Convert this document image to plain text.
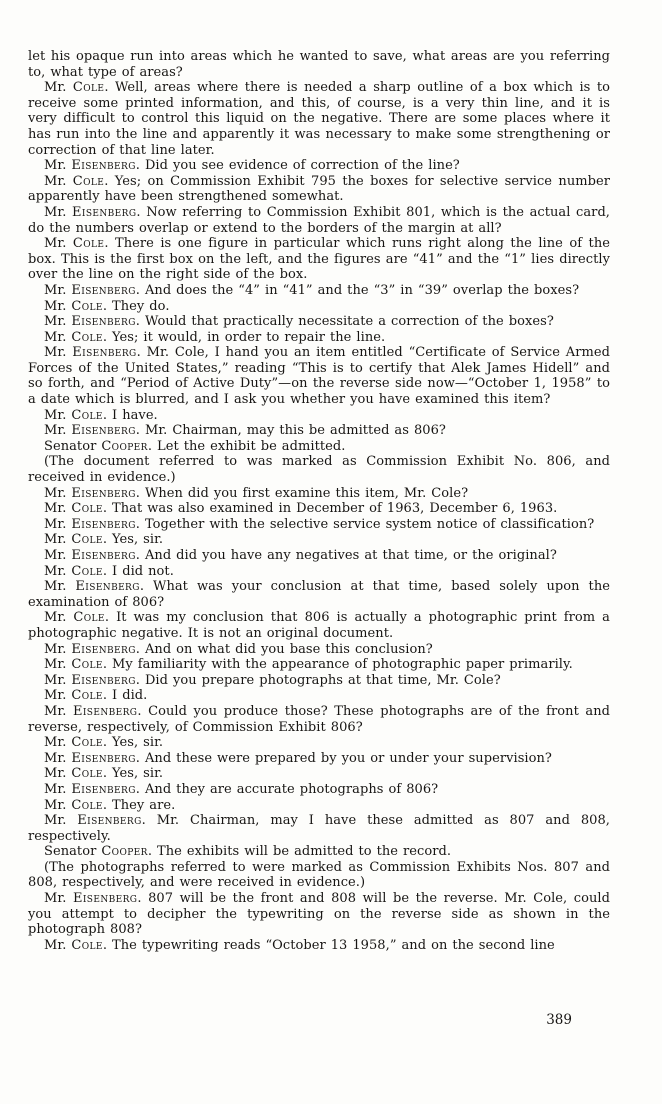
let his opaque run into areas which he wanted to save, what areas are you referring to, what type of areas?

Mr. Cole. Well, areas where there is needed a sharp outline of a box which is to receive some printed information, and this, of course, is a very thin line, and it is very difficult to control this liquid on the negative. There are some places where it has run into the line and apparently it was necessary to make some strengthening or correction of that line later.

Mr. Eisenberg. Did you see evidence of correction of the line?

Mr. Cole. Yes; on Commission Exhibit 795 the boxes for selective service number apparently have been strengthened somewhat.

Mr. Eisenberg. Now referring to Commission Exhibit 801, which is the actual card, do the numbers overlap or extend to the borders of the margin at all?

Mr. Cole. There is one figure in particular which runs right along the line of the box. This is the first box on the left, and the figures are “41” and the “1” lies directly over the line on the right side of the box.

Mr. Eisenberg. And does the “4” in “41” and the “3” in “39” overlap the boxes?

Mr. Cole. They do.

Mr. Eisenberg. Would that practically necessitate a correction of the boxes?

Mr. Cole. Yes; it would, in order to repair the line.

Mr. Eisenberg. Mr. Cole, I hand you an item entitled “Certificate of Service Armed Forces of the United States,” reading “This is to certify that Alek James Hidell” and so forth, and “Period of Active Duty”—on the reverse side now—“October 1, 1958” to a date which is blurred, and I ask you whether you have examined this item?

Mr. Cole. I have.

Mr. Eisenberg. Mr. Chairman, may this be admitted as 806?

Senator Cooper. Let the exhibit be admitted.

(The document referred to was marked as Commission Exhibit No. 806, and received in evidence.)

Mr. Eisenberg. When did you first examine this item, Mr. Cole?

Mr. Cole. That was also examined in December of 1963, December 6, 1963.

Mr. Eisenberg. Together with the selective service system notice of classification?

Mr. Cole. Yes, sir.

Mr. Eisenberg. And did you have any negatives at that time, or the original?

Mr. Cole. I did not.

Mr. Eisenberg. What was your conclusion at that time, based solely upon the examination of 806?

Mr. Cole. It was my conclusion that 806 is actually a photographic print from a photographic negative. It is not an original document.

Mr. Eisenberg. And on what did you base this conclusion?

Mr. Cole. My familiarity with the appearance of photographic paper primarily.

Mr. Eisenberg. Did you prepare photographs at that time, Mr. Cole?

Mr. Cole. I did.

Mr. Eisenberg. Could you produce those? These photographs are of the front and reverse, respectively, of Commission Exhibit 806?

Mr. Cole. Yes, sir.

Mr. Eisenberg. And these were prepared by you or under your supervision?

Mr. Cole. Yes, sir.

Mr. Eisenberg. And they are accurate photographs of 806?

Mr. Cole. They are.

Mr. Eisenberg. Mr. Chairman, may I have these admitted as 807 and 808, respectively.

Senator Cooper. The exhibits will be admitted to the record.

(The photographs referred to were marked as Commission Exhibits Nos. 807 and 808, respectively, and were received in evidence.)

Mr. Eisenberg. 807 will be the front and 808 will be the reverse. Mr. Cole, could you attempt to decipher the typewriting on the reverse side as shown in the photograph 808?

Mr. Cole. The typewriting reads “October 13 1958,” and on the second line

389
